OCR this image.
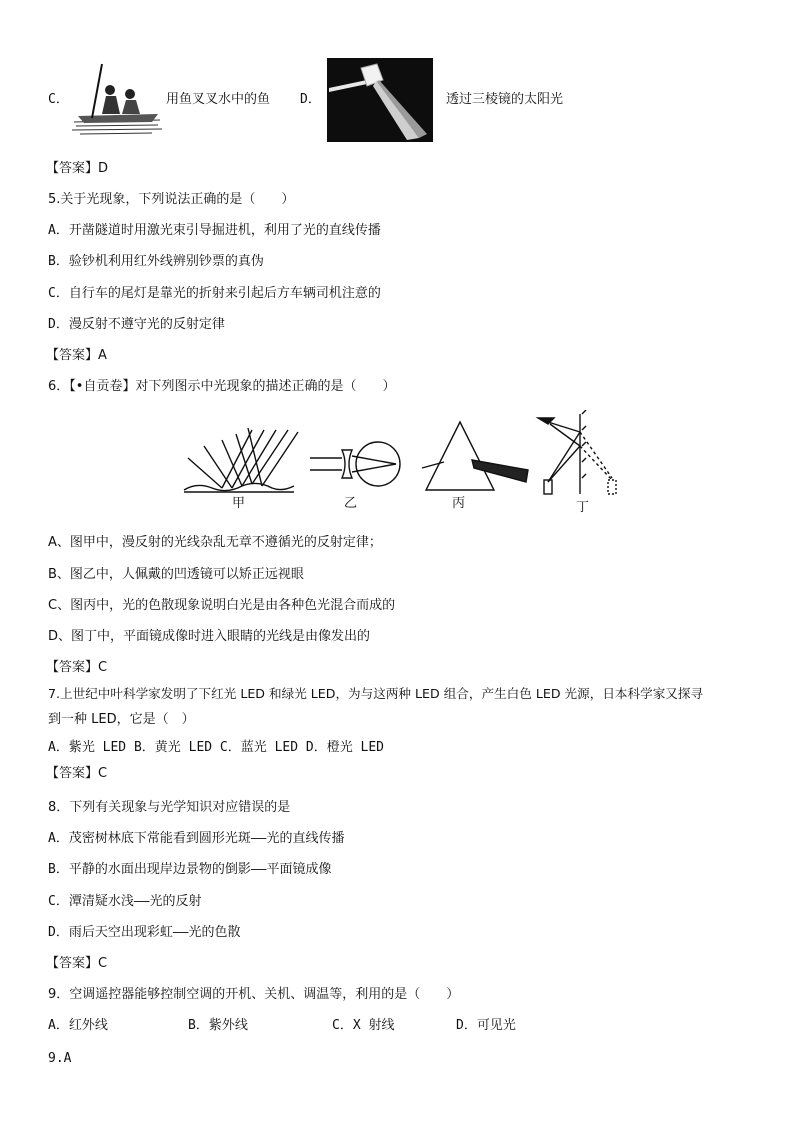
C．	用鱼叉叉水中的鱼 D．	透过三棱镜的太阳光
【答案】D
5.关于光现象，下列说法正确的是（　　）
A．开凿隧道时用激光束引导掘进机，利用了光的直线传播
B．验钞机利用红外线辨别钞票的真伪
C．自行车的尾灯是靠光的折射来引起后方车辆司机注意的
D．漫反射不遵守光的反射定律
【答案】A
6．【•自贡卷】对下列图示中光现象的描述正确的是（　　）
甲	乙	丙	丁
A、图甲中，漫反射的光线杂乱无章不遵循光的反射定律；
B、图乙中，人佩戴的凹透镜可以矫正远视眼
C、图丙中，光的色散现象说明白光是由各种色光混合而成的
D、图丁中，平面镜成像时进入眼睛的光线是由像发出的
【答案】C
7.上世纪中叶科学家发明了下红光 LED 和绿光 LED，为与这两种 LED 组合，产生白色 LED 光源，日本科学家又探寻
到一种 LED，它是（　）
A．紫光 LED B．黄光 LED C．蓝光 LED D．橙光 LED
【答案】C
8．下列有关现象与光学知识对应错误的是
A．茂密树林底下常能看到圆形光斑——光的直线传播
B．平静的水面出现岸边景物的倒影——平面镜成像
C．潭清疑水浅——光的反射
D．雨后天空出现彩虹——光的色散
【答案】C
9．空调遥控器能够控制空调的开机、关机、调温等，利用的是（　　）
A．红外线	B．紫外线	C．X 射线	D．可见光
9.A
